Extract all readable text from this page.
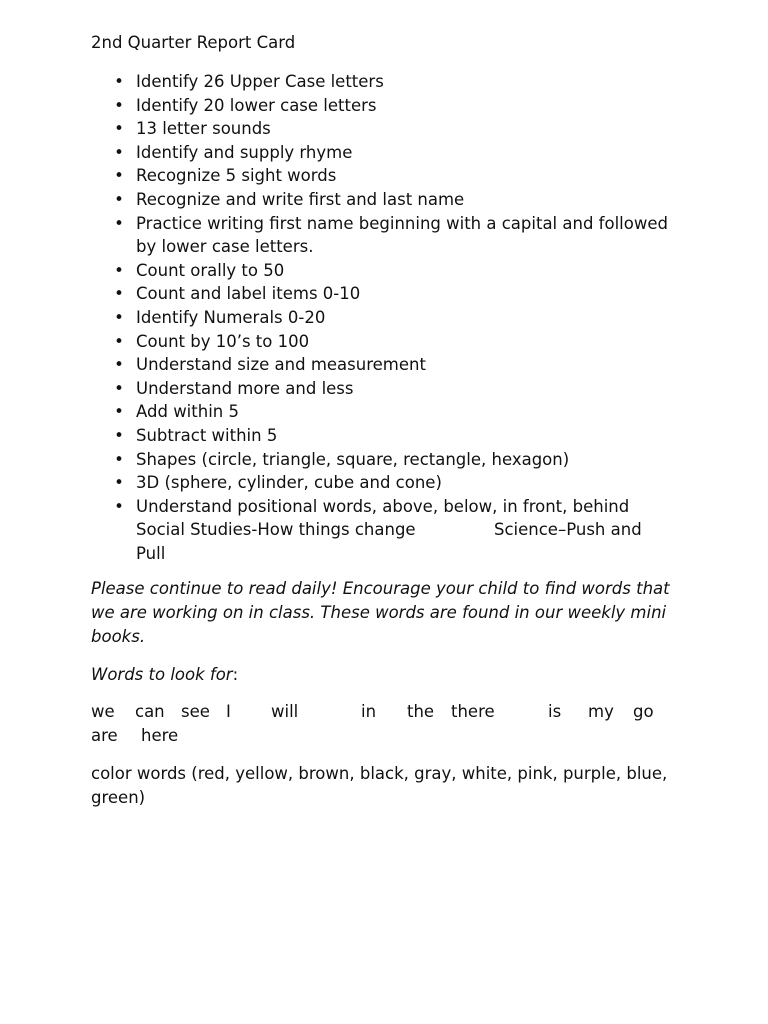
2nd Quarter Report Card
• Identify 26 Upper Case letters
• Identify 20 lower case letters
• 13 letter sounds
• Identify and supply rhyme
• Recognize 5 sight words
• Recognize and write first and last name
• Practice writing first name beginning with a capital and followed by lower case letters.
• Count orally to 50
• Count and label items 0-10
• Identify Numerals 0-20
• Count by 10’s to 100
• Understand size and measurement
• Understand more and less
• Add within 5
• Subtract within 5
• Shapes (circle, triangle, square, rectangle, hexagon)
• 3D (sphere, cylinder, cube and cone)
• Understand positional words, above, below, in front, behind
Social Studies-How things change	Science–Push and
Pull

Please continue to read daily! Encourage your child to find words that we are working on in class. These words are found in our weekly mini books.

Words to look for:

we can see I will	in the there	is my go
are here

color words (red, yellow, brown, black, gray, white, pink, purple, blue, green)
